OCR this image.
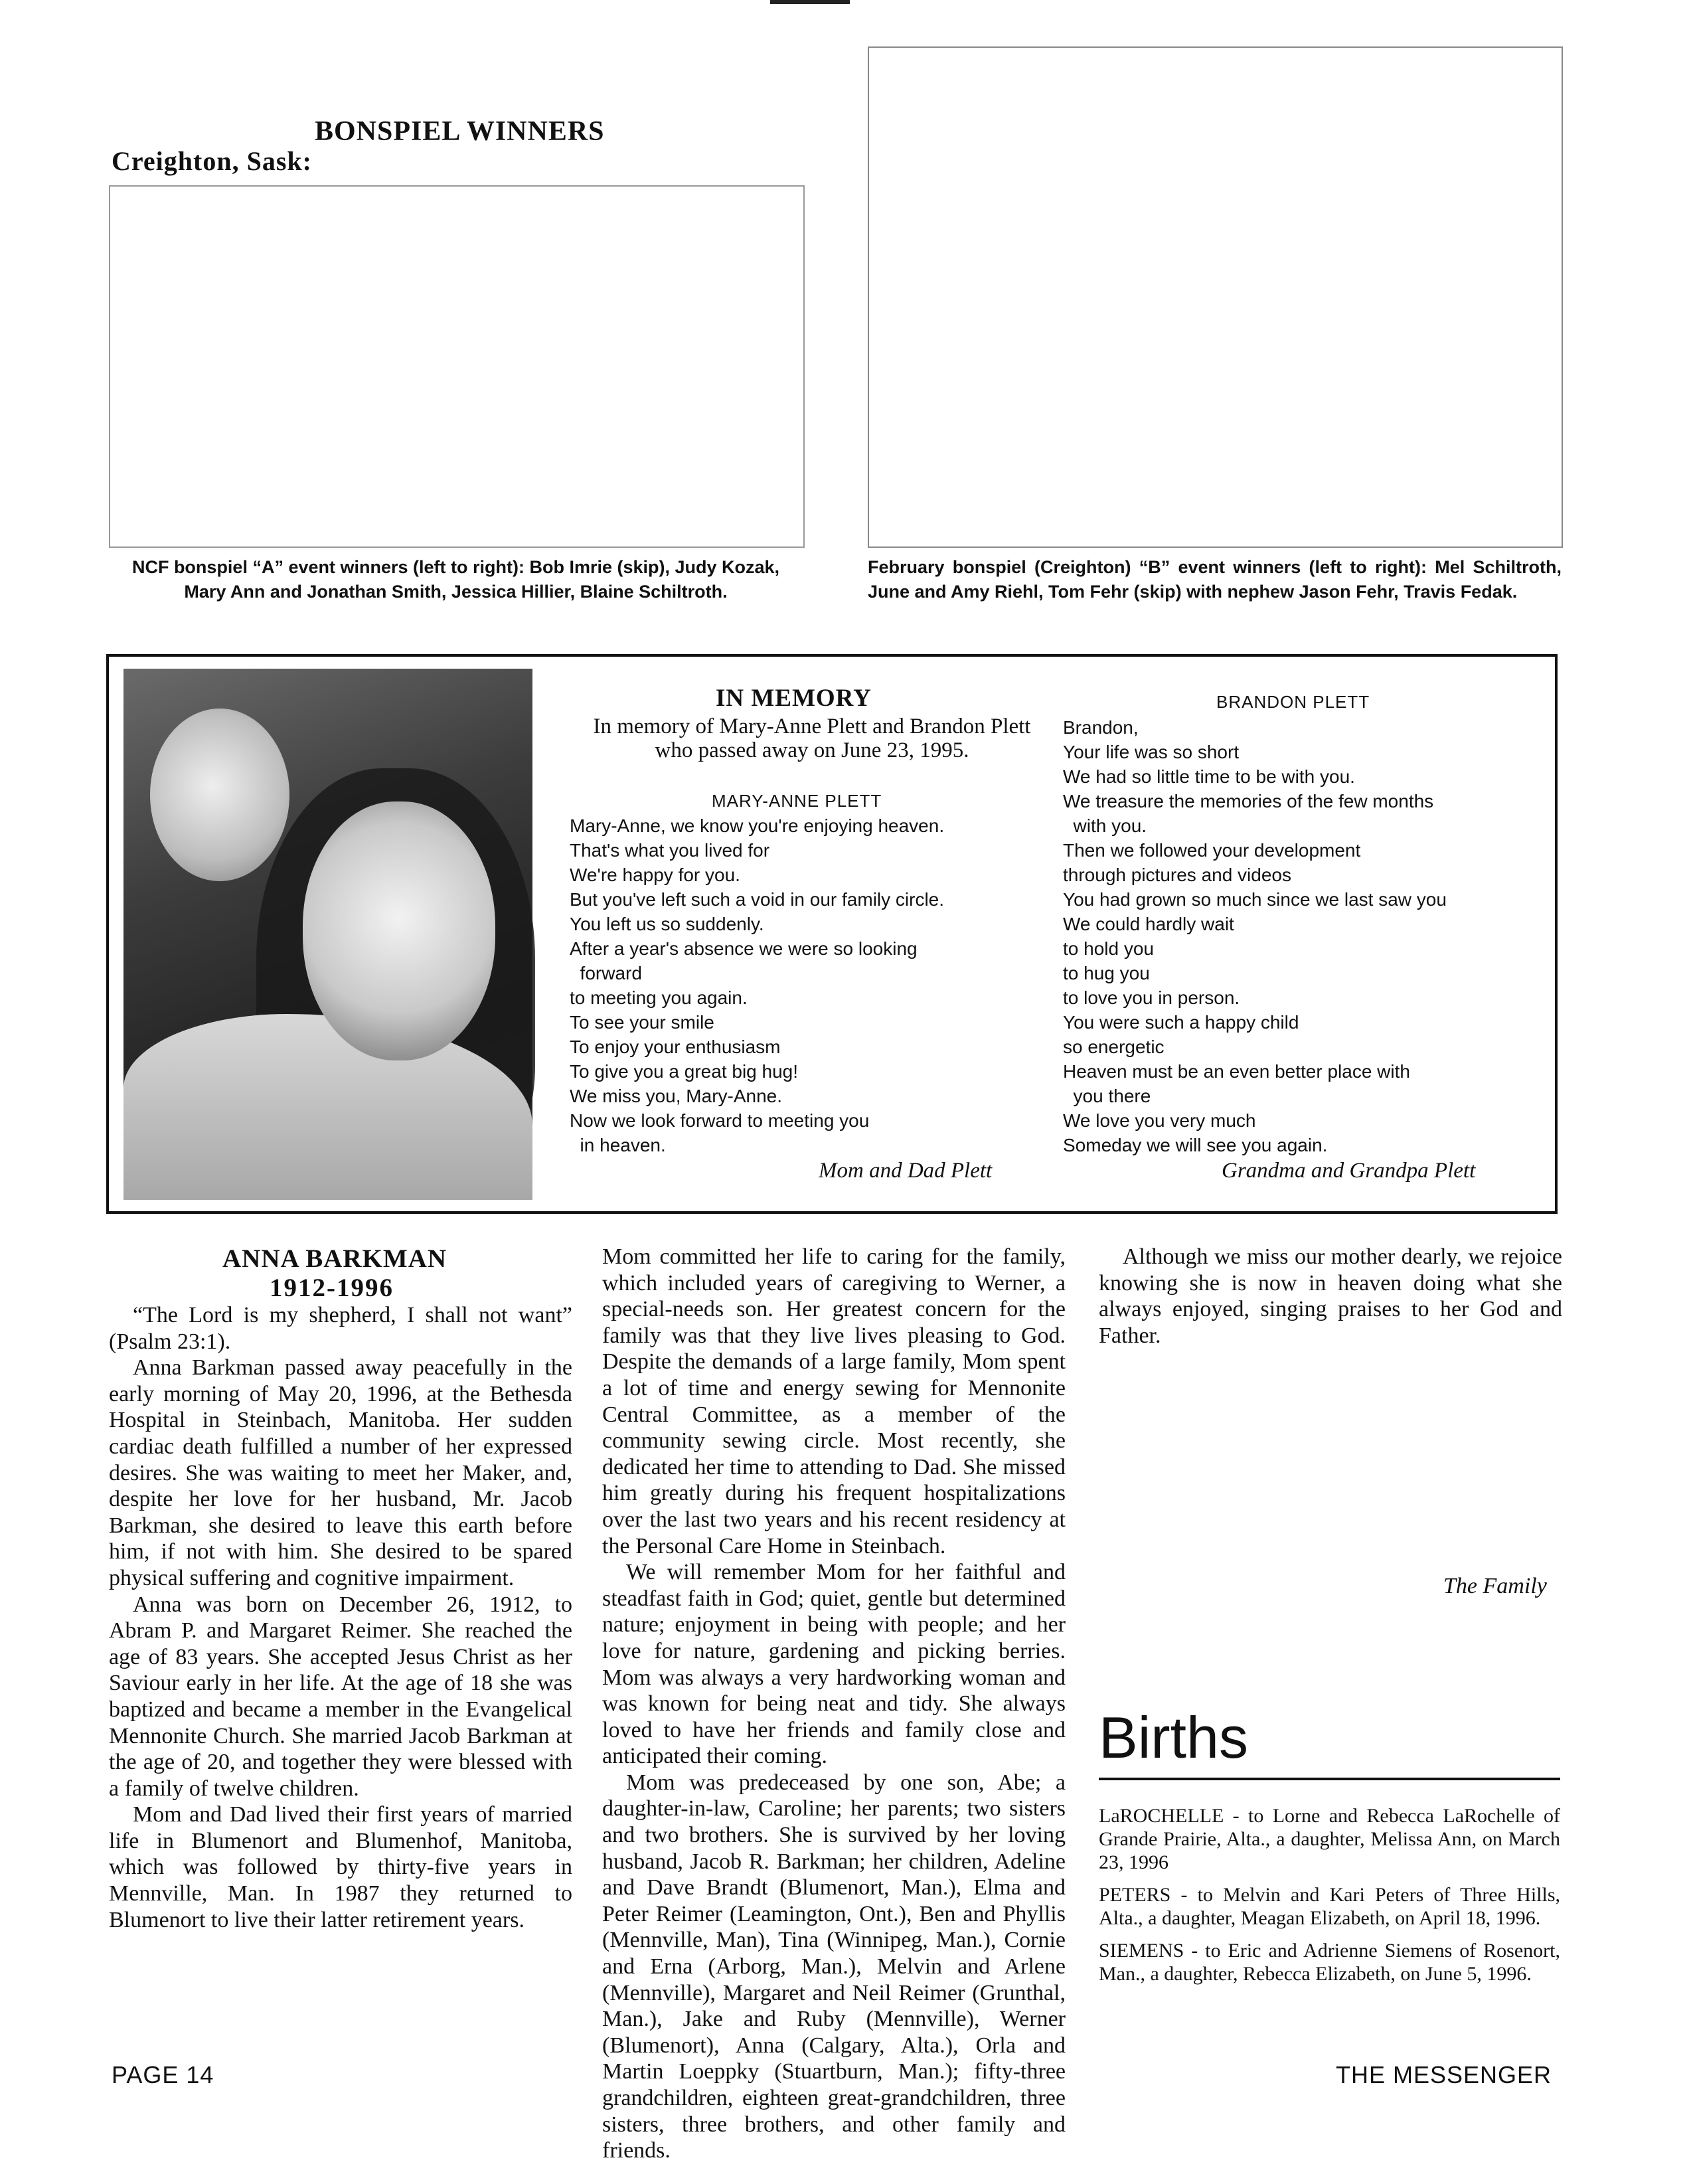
BONSPIEL WINNERS
Creighton, Sask:
NCF bonspiel “A” event winners (left to right): Bob Imrie (skip), Judy Kozak, Mary Ann and Jonathan Smith, Jessica Hillier, Blaine Schiltroth.
February bonspiel (Creighton) “B” event winners (left to right): Mel Schiltroth, June and Amy Riehl, Tom Fehr (skip) with nephew Jason Fehr, Travis Fedak.
IN MEMORY
In memory of Mary-Anne Plett and Brandon Plett who passed away on June 23, 1995.
MARY-ANNE PLETT
Mary-Anne, we know you're enjoying heaven.
That's what you lived for
We're happy for you.
But you've left such a void in our family circle.
You left us so suddenly.
After a year's absence we were so looking
forward
to meeting you again.
To see your smile
To enjoy your enthusiasm
To give you a great big hug!
We miss you, Mary-Anne.
Now we look forward to meeting you
in heaven.
Mom and Dad Plett
BRANDON PLETT
Brandon,
Your life was so short
We had so little time to be with you.
We treasure the memories of the few months
with you.
Then we followed your development
through pictures and videos
You had grown so much since we last saw you
We could hardly wait
to hold you
to hug you
to love you in person.
You were such a happy child
so energetic
Heaven must be an even better place with
you there
We love you very much
Someday we will see you again.
Grandma and Grandpa Plett
ANNA BARKMAN
1912-1996

“The Lord is my shepherd, I shall not want” (Psalm 23:1).

Anna Barkman passed away peacefully in the early morning of May 20, 1996, at the Bethesda Hospital in Steinbach, Manitoba. Her sudden cardiac death fulfilled a number of her expressed desires. She was waiting to meet her Maker, and, despite her love for her husband, Mr. Jacob Barkman, she desired to leave this earth before him, if not with him. She desired to be spared physical suffering and cognitive impairment.

Anna was born on December 26, 1912, to Abram P. and Margaret Reimer. She reached the age of 83 years. She accepted Jesus Christ as her Saviour early in her life. At the age of 18 she was baptized and became a member in the Evangelical Mennonite Church. She married Jacob Barkman at the age of 20, and together they were blessed with a family of twelve children.

Mom and Dad lived their first years of married life in Blumenort and Blumenhof, Manitoba, which was followed by thirty-five years in Mennville, Man. In 1987 they returned to Blumenort to live their latter retirement years.

Mom committed her life to caring for the family, which included years of caregiving to Werner, a special-needs son. Her greatest concern for the family was that they live lives pleasing to God. Despite the demands of a large family, Mom spent a lot of time and energy sewing for Mennonite Central Committee, as a member of the community sewing circle. Most recently, she dedicated her time to attending to Dad. She missed him greatly during his frequent hospitalizations over the last two years and his recent residency at the Personal Care Home in Steinbach.

We will remember Mom for her faithful and steadfast faith in God; quiet, gentle but determined nature; enjoyment in being with people; and her love for nature, gardening and picking berries. Mom was always a very hardworking woman and was known for being neat and tidy. She always loved to have her friends and family close and anticipated their coming.

Mom was predeceased by one son, Abe; a daughter-in-law, Caroline; her parents; two sisters and two brothers. She is survived by her loving husband, Jacob R. Barkman; her children, Adeline and Dave Brandt (Blumenort, Man.), Elma and Peter Reimer (Leamington, Ont.), Ben and Phyllis (Mennville, Man), Tina (Winnipeg, Man.), Cornie and Erna (Arborg, Man.), Melvin and Arlene (Mennville), Margaret and Neil Reimer (Grunthal, Man.), Jake and Ruby (Mennville), Werner (Blumenort), Anna (Calgary, Alta.), Orla and Martin Loeppky (Stuartburn, Man.); fifty-three grandchildren, eighteen great-grandchildren, three sisters, three brothers, and other family and friends.

Although we miss our mother dearly, we rejoice knowing she is now in heaven doing what she always enjoyed, singing praises to her God and Father.

The Family
Births

LaROCHELLE - to Lorne and Rebecca LaRochelle of Grande Prairie, Alta., a daughter, Melissa Ann, on March 23, 1996

PETERS - to Melvin and Kari Peters of Three Hills, Alta., a daughter, Meagan Elizabeth, on April 18, 1996.

SIEMENS - to Eric and Adrienne Siemens of Rosenort, Man., a daughter, Rebecca Elizabeth, on June 5, 1996.

PAGE 14	THE MESSENGER
